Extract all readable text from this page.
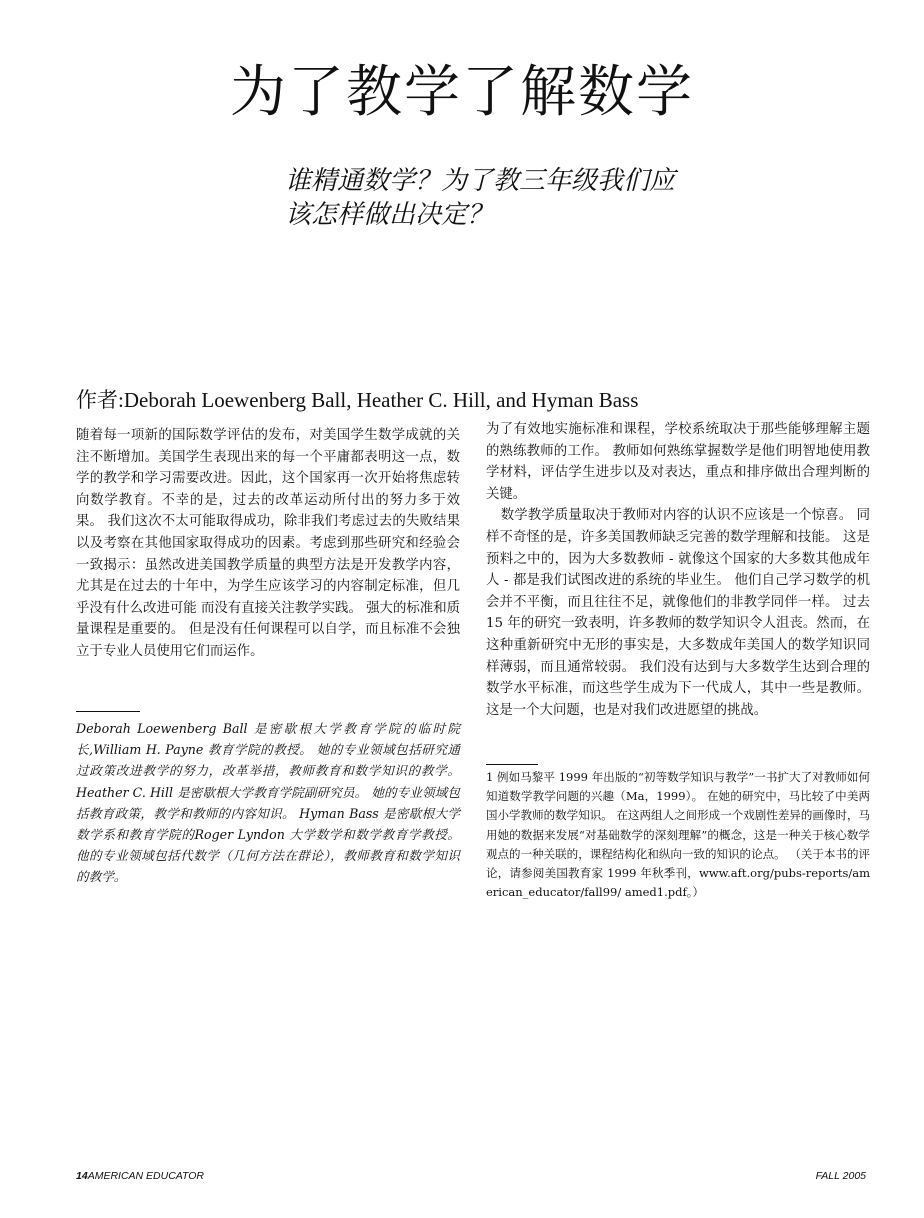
为了教学了解数学
谁精通数学？为了教三年级我们应
该怎样做出决定？

作者:Deborah Loewenberg Ball, Heather C. Hill, and Hyman Bass

随着每一项新的国际数学评估的发布，对美国学生数学成就的关注不断增加。美国学生表现出来的每一个平庸都表明这一点，数学的教学和学习需要改进。因此，这个国家再一次开始将焦虑转向数学教育。不幸的是，过去的改革运动所付出的努力多于效果。 我们这次不太可能取得成功，除非我们考虑过去的失败结果以及考察在其他国家取得成功的因素。考虑到那些研究和经验会一致揭示：虽然改进美国教学质量的典型方法是开发教学内容，尤其是在过去的十年中，为学生应该学习的内容制定标准，但几乎没有什么改进可能 而没有直接关注教学实践。 强大的标准和质量课程是重要的。 但是没有任何课程可以自学，而且标准不会独立于专业人员使用它们而运作。

Deborah Loewenberg Ball 是密歇根大学教育学院的临时院长,William H. Payne 教育学院的教授。 她的专业领域包括研究通过政策改进教学的努力，改革举措，教师教育和数学知识的教学。 Heather C. Hill 是密歇根大学教育学院副研究员。 她的专业领域包括教育政策，教学和教师的内容知识。 Hyman Bass 是密歇根大学数学系和教育学院的Roger Lyndon 大学数学和数学教育学教授。 他的专业领域包括代数学（几何方法在群论），教师教育和数学知识的教学。

为了有效地实施标准和课程，学校系统取决于那些能够理解主题的熟练教师的工作。 教师如何熟练掌握数学是他们明智地使用教学材料，评估学生进步以及对表达，重点和排序做出合理判断的关键。

数学教学质量取决于教师对内容的认识不应该是一个惊喜。 同样不奇怪的是，许多美国教师缺乏完善的数学理解和技能。 这是预料之中的，因为大多数教师 - 就像这个国家的大多数其他成年人 - 都是我们试图改进的系统的毕业生。 他们自己学习数学的机会并不平衡，而且往往不足，就像他们的非教学同伴一样。 过去 15 年的研究一致表明，许多教师的数学知识令人沮丧。然而，在这种重新研究中无形的事实是，大多数成年美国人的数学知识同样薄弱，而且通常较弱。 我们没有达到与大多数学生达到合理的数学水平标准，而这些学生成为下一代成人，其中一些是教师。 这是一个大问题，也是对我们改进愿望的挑战。

1 例如马黎平 1999 年出版的“初等数学知识与教学”一书扩大了对教师如何知道数学教学问题的兴趣（Ma，1999）。 在她的研究中，马比较了中美两国小学教师的数学知识。 在这两组人之间形成一个戏剧性差异的画像时，马用她的数据来发展“对基础数学的深刻理解”的概念，这是一种关于核心数学观点的一种关联的，课程结构化和纵向一致的知识的论点。 （关于本书的评论，请参阅美国教育家 1999 年秋季刊，www.aft.org/pubs-reports/american_educator/fall99/ amed1.pdf。）

14AMERICAN EDUCATOR	FALL 2005
